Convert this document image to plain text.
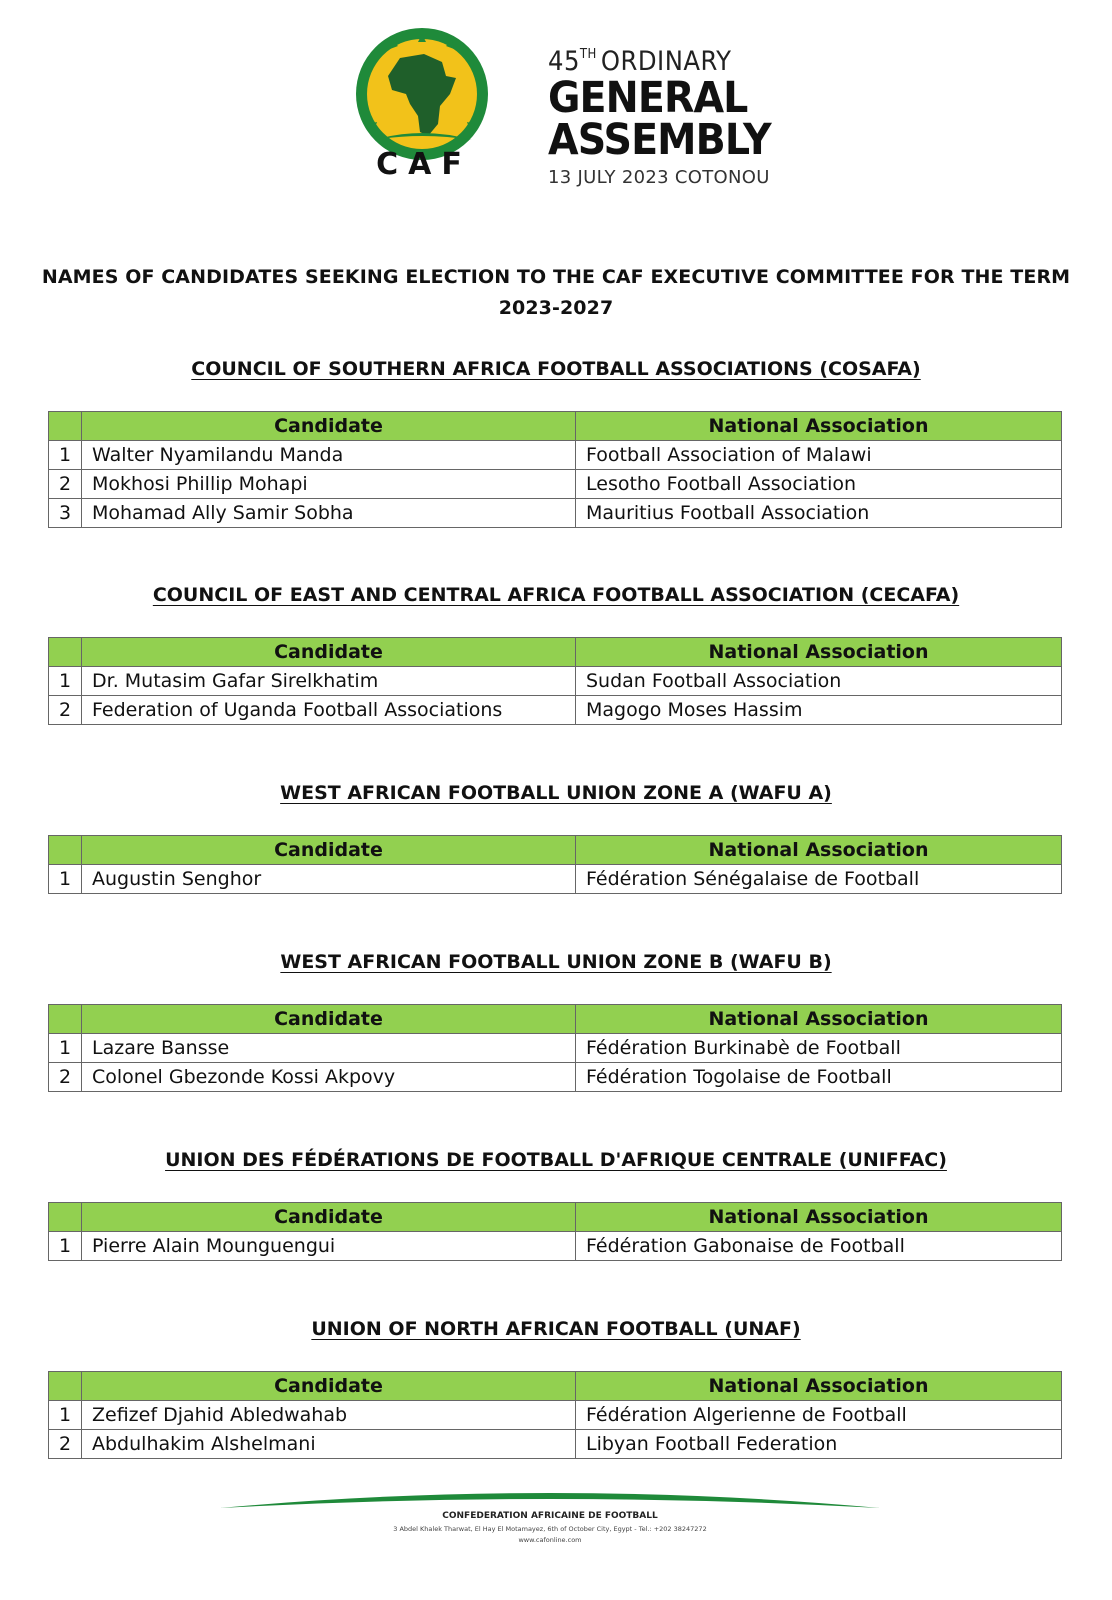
CAF
45TH ORDINARY
GENERAL
ASSEMBLY
13 JULY 2023 COTONOU
NAMES OF CANDIDATES SEEKING ELECTION TO THE CAF EXECUTIVE COMMITTEE FOR THE TERM
2023-2027
COUNCIL OF SOUTHERN AFRICA FOOTBALL ASSOCIATIONS (COSAFA)
	Candidate	National Association
1	Walter Nyamilandu Manda	Football Association of Malawi
2	Mokhosi Phillip Mohapi	Lesotho Football Association
3	Mohamad Ally Samir Sobha	Mauritius Football Association
COUNCIL OF EAST AND CENTRAL AFRICA FOOTBALL ASSOCIATION (CECAFA)
	Candidate	National Association
1	Dr. Mutasim Gafar Sirelkhatim	Sudan Football Association
2	Federation of Uganda Football Associations	Magogo Moses Hassim
WEST AFRICAN FOOTBALL UNION ZONE A (WAFU A)
	Candidate	National Association
1	Augustin Senghor	Fédération Sénégalaise de Football
WEST AFRICAN FOOTBALL UNION ZONE B (WAFU B)
	Candidate	National Association
1	Lazare Bansse	Fédération Burkinabè de Football
2	Colonel Gbezonde Kossi Akpovy	Fédération Togolaise de Football
UNION DES FÉDÉRATIONS DE FOOTBALL D'AFRIQUE CENTRALE (UNIFFAC)
	Candidate	National Association
1	Pierre Alain Mounguengui	Fédération Gabonaise de Football
UNION OF NORTH AFRICAN FOOTBALL (UNAF)
	Candidate	National Association
1	Zefizef Djahid Abledwahab	Fédération Algerienne de Football
2	Abdulhakim Alshelmani	Libyan Football Federation
CONFEDERATION AFRICAINE DE FOOTBALL
3 Abdel Khalek Tharwat, El Hay El Motamayez, 6th of October City, Egypt - Tel.: +202 38247272
www.cafonline.com
